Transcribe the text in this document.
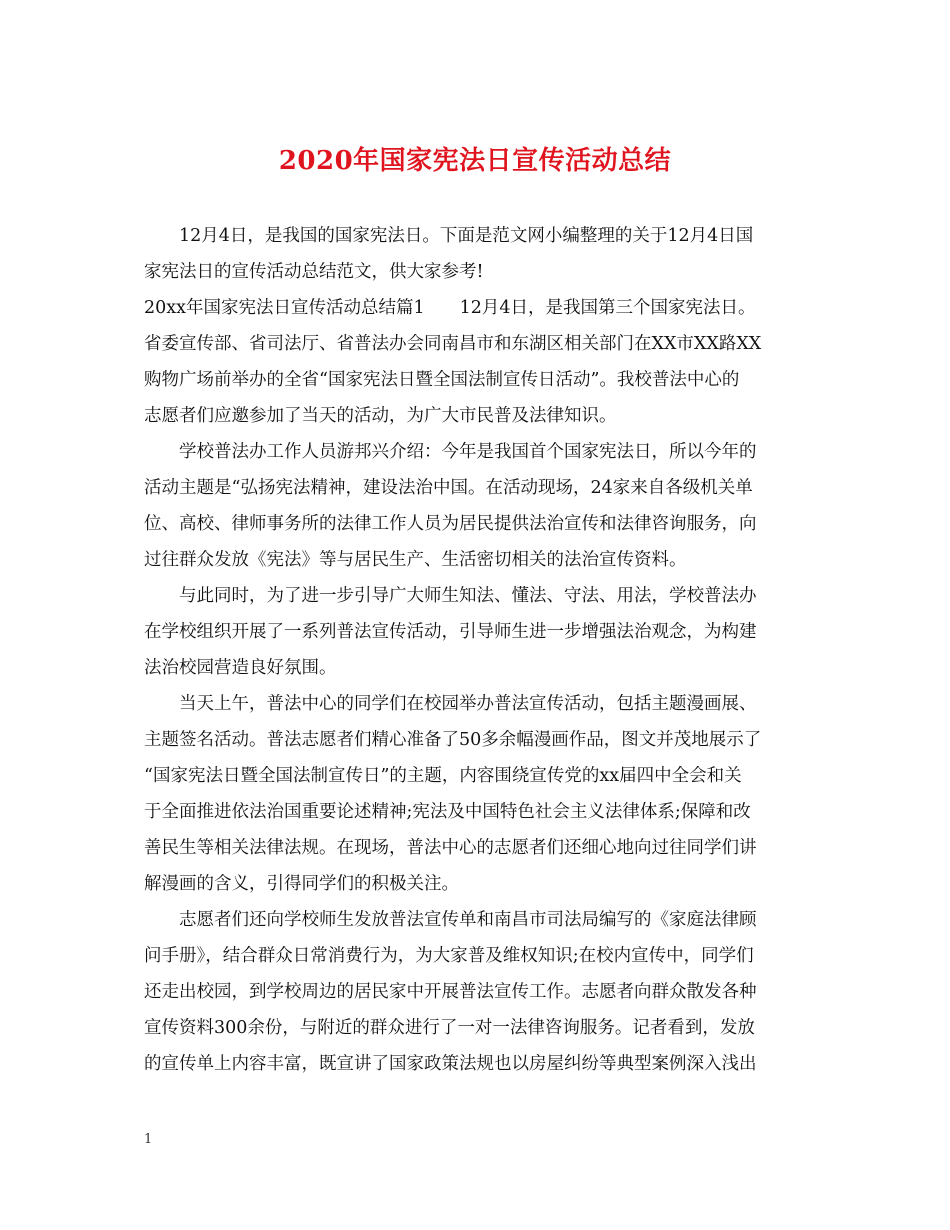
2020年国家宪法日宣传活动总结
12月4日，是我国的国家宪法日。下面是范文网小编整理的关于12月4日国
家宪法日的宣传活动总结范文，供大家参考!
20xx年国家宪法日宣传活动总结篇1　　12月4日，是我国第三个国家宪法日。
省委宣传部、省司法厅、省普法办会同南昌市和东湖区相关部门在XX市XX路XX
购物广场前举办的全省“国家宪法日暨全国法制宣传日活动”。我校普法中心的
志愿者们应邀参加了当天的活动，为广大市民普及法律知识。
学校普法办工作人员游邦兴介绍：今年是我国首个国家宪法日，所以今年的
活动主题是“弘扬宪法精神，建设法治中国。在活动现场，24家来自各级机关单
位、高校、律师事务所的法律工作人员为居民提供法治宣传和法律咨询服务，向
过往群众发放《宪法》等与居民生产、生活密切相关的法治宣传资料。
与此同时，为了进一步引导广大师生知法、懂法、守法、用法，学校普法办
在学校组织开展了一系列普法宣传活动，引导师生进一步增强法治观念，为构建
法治校园营造良好氛围。
当天上午，普法中心的同学们在校园举办普法宣传活动，包括主题漫画展、
主题签名活动。普法志愿者们精心准备了50多余幅漫画作品，图文并茂地展示了
“国家宪法日暨全国法制宣传日”的主题，内容围绕宣传党的xx届四中全会和关
于全面推进依法治国重要论述精神;宪法及中国特色社会主义法律体系;保障和改
善民生等相关法律法规。在现场，普法中心的志愿者们还细心地向过往同学们讲
解漫画的含义，引得同学们的积极关注。
志愿者们还向学校师生发放普法宣传单和南昌市司法局编写的《家庭法律顾
问手册》，结合群众日常消费行为，为大家普及维权知识;在校内宣传中，同学们
还走出校园，到学校周边的居民家中开展普法宣传工作。志愿者向群众散发各种
宣传资料300余份，与附近的群众进行了一对一法律咨询服务。记者看到，发放
的宣传单上内容丰富，既宣讲了国家政策法规也以房屋纠纷等典型案例深入浅出
1
